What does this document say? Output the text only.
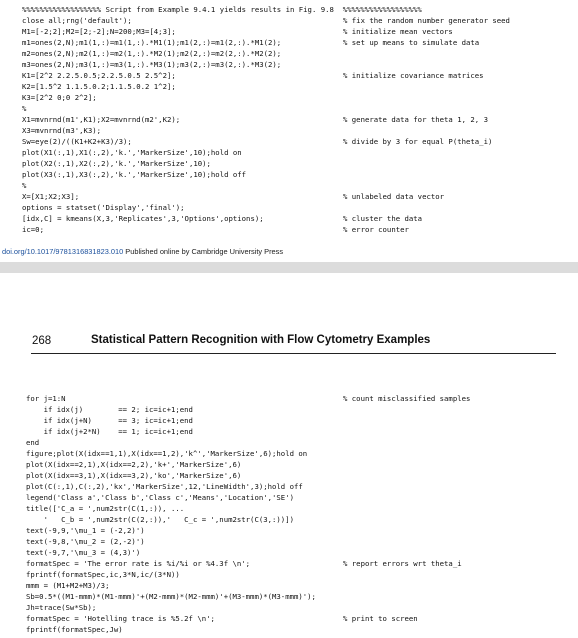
%%%%%%%%%%%%%%%%%% Script from Example 9.4.1 yields results in Fig. 9.8  %%%%%%%%%%%%%%%%%%
close all;rng('default');	% fix the random number generator seed
M1=[-2;2];M2=[2;-2];N=200;M3=[4;3];	% initialize mean vectors
m1=ones(2,N);m1(1,:)=m1(1,:).*M1(1);m1(2,:)=m1(2,:).*M1(2);	% set up means to simulate data
m2=ones(2,N);m2(1,:)=m2(1,:).*M2(1);m2(2,:)=m2(2,:).*M2(2);
m3=ones(2,N);m3(1,:)=m3(1,:).*M3(1);m3(2,:)=m3(2,:).*M3(2);
K1=[2^2 2.2.5.0.5;2.2.5.0.5 2.5^2];	% initialize covariance matrices
K2=[1.5^2 1.1.5.0.2;1.1.5.0.2 1^2];
K3=[2^2 0;0 2^2];
%
X1=mvnrnd(m1',K1);X2=mvnrnd(m2',K2);	% generate data for theta 1, 2, 3
X3=mvnrnd(m3',K3);
Sw=eye(2)/((K1+K2+K3)/3);	% divide by 3 for equal P(theta_i)
plot(X1(:,1),X1(:,2),'k.','MarkerSize',10);hold on
plot(X2(:,1),X2(:,2),'k.','MarkerSize',10);
plot(X3(:,1),X3(:,2),'k.','MarkerSize',10);hold off
%
X=[X1;X2;X3];	% unlabeled data vector
options = statset('Display','final');
[idx,C] = kmeans(X,3,'Replicates',3,'Options',options);	% cluster the data
ic=0;	% error counter
doi.org/10.1017/9781316831823.010 Published online by Cambridge University Press
268	Statistical Pattern Recognition with Flow Cytometry Examples
for j=1:N	% count misclassified samples
if idx(j)        == 2; ic=ic+1;end
if idx(j+N)      == 3; ic=ic+1;end
if idx(j+2*N)    == 1; ic=ic+1;end
end
figure;plot(X(idx==1,1),X(idx==1,2),'k^','MarkerSize',6);hold on
plot(X(idx==2,1),X(idx==2,2),'k+','MarkerSize',6)
plot(X(idx==3,1),X(idx==3,2),'ko','MarkerSize',6)
plot(C(:,1),C(:,2),'kx','MarkerSize',12,'LineWidth',3);hold off
legend('Class a','Class b','Class c','Means','Location','SE')
title(['C_a = ',num2str(C(1,:)), ...
'   C_b = ',num2str(C(2,:)),'   C_c = ',num2str(C(3,:))])
text(-9,9,'\mu_1 = (-2,2)')
text(-9,8,'\mu_2 = (2,-2)')
text(-9,7,'\mu_3 = (4,3)')
formatSpec = 'The error rate is %i/%i or %4.3f \n';	% report errors wrt theta_i
fprintf(formatSpec,ic,3*N,ic/(3*N))
mmm = (M1+M2+M3)/3;
Sb=0.5*((M1-mmm)*(M1-mmm)'+(M2-mmm)*(M2-mmm)'+(M3-mmm)*(M3-mmm)');
Jh=trace(Sw*Sb);
formatSpec = 'Hotelling trace is %5.2f \n';	% print to screen
fprintf(formatSpec,Jw)
